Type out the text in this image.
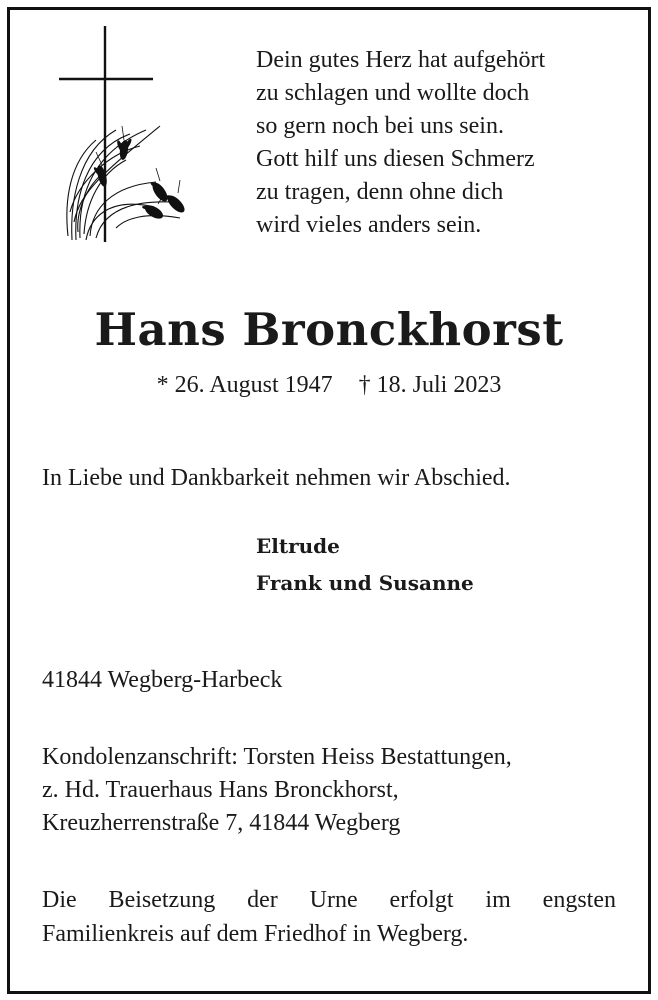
Dein gutes Herz hat aufgehört
zu schlagen und wollte doch
so gern noch bei uns sein.
Gott hilf uns diesen Schmerz
zu tragen, denn ohne dich
wird vieles anders sein.
Hans Bronckhorst
* 26. August 1947 † 18. Juli 2023
In Liebe und Dankbarkeit nehmen wir Abschied.
Eltrude
Frank und Susanne
41844 Wegberg-Harbeck
Kondolenzanschrift: Torsten Heiss Bestattungen,
z. Hd. Trauerhaus Hans Bronckhorst,
Kreuzherrenstraße 7, 41844 Wegberg
Die Beisetzung der Urne erfolgt im engsten
Familienkreis auf dem Friedhof in Wegberg.
